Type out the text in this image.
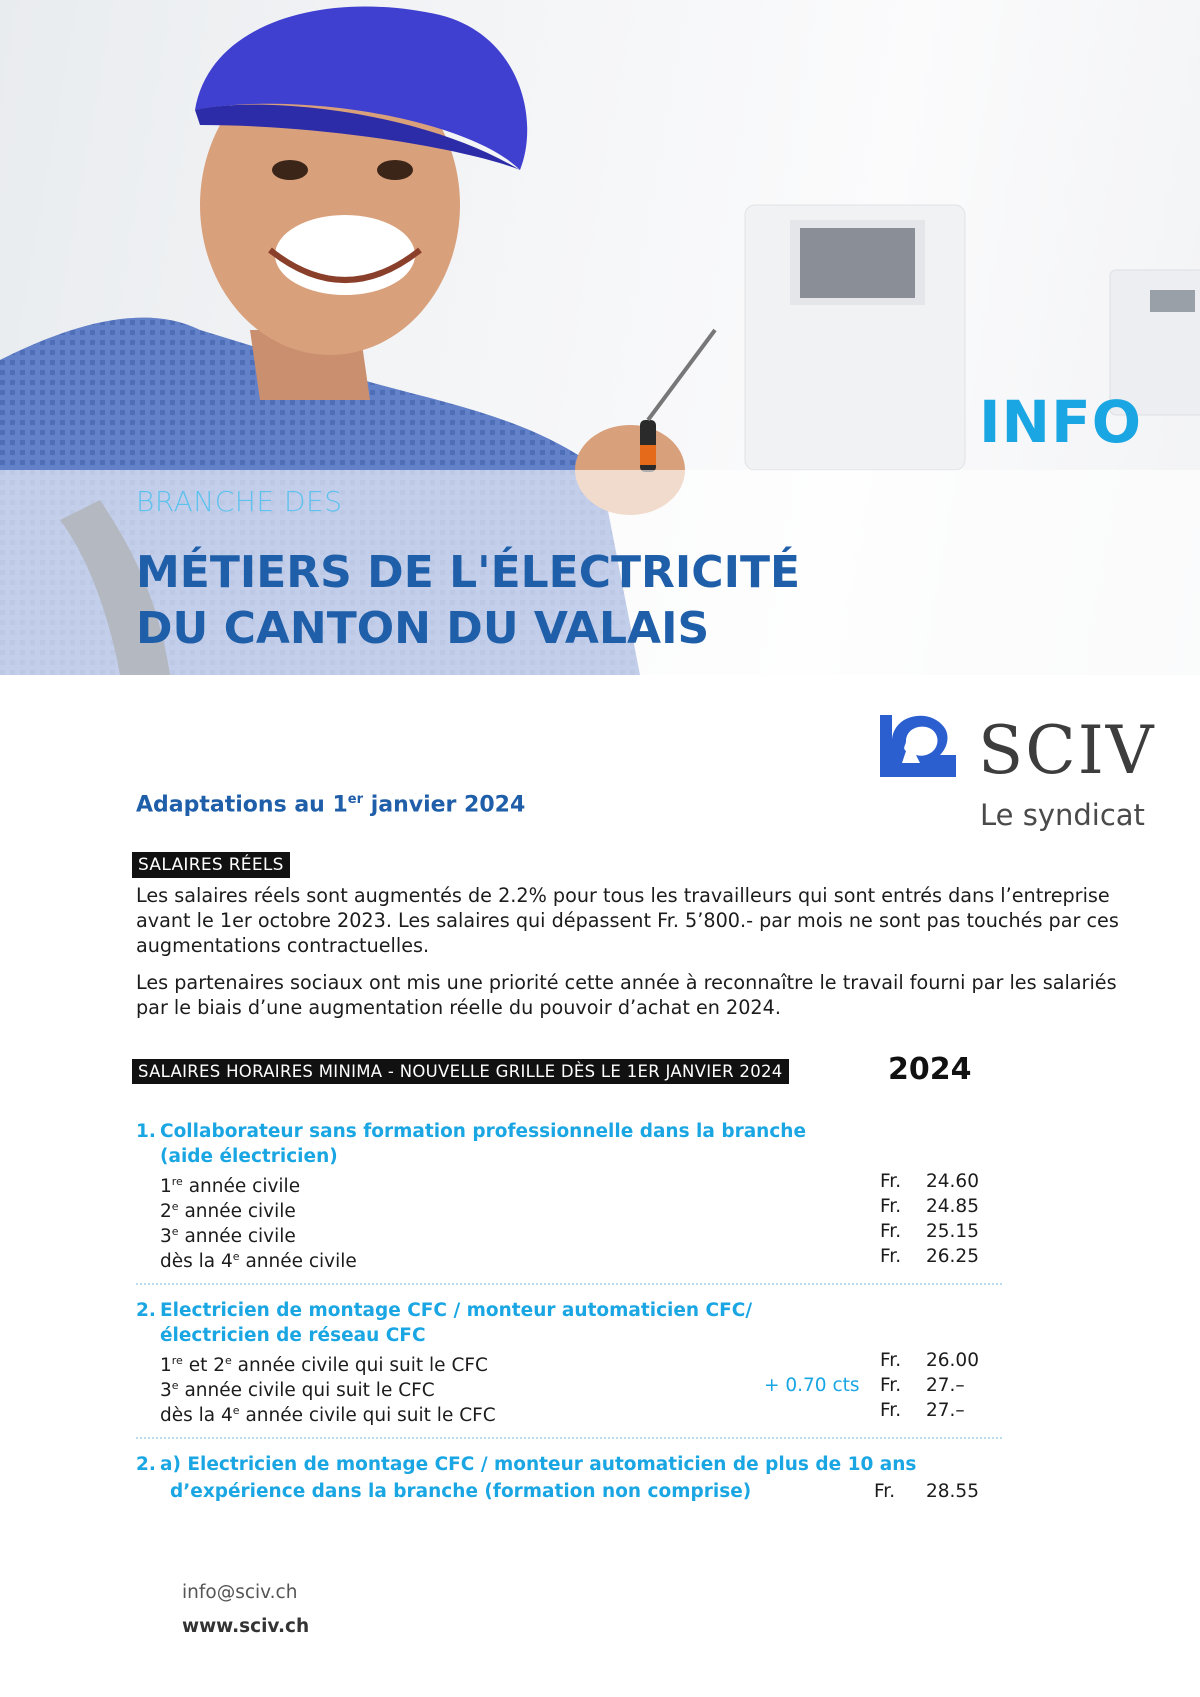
INFO
BRANCHE DES
MÉTIERS DE L'ÉLECTRICITÉ
DU CANTON DU VALAIS
SCIV
Le syndicat
Adaptations au 1er janvier 2024
SALAIRES RÉELS
Les salaires réels sont augmentés de 2.2% pour tous les travailleurs qui sont entrés dans l’entreprise avant le 1er octobre 2023. Les salaires qui dépassent Fr. 5’800.- par mois ne sont pas touchés par ces augmentations contractuelles.
Les partenaires sociaux ont mis une priorité cette année à reconnaître le travail fourni par les salariés par le biais d’une augmentation réelle du pouvoir d’achat en 2024.
SALAIRES HORAIRES MINIMA - NOUVELLE GRILLE DÈS LE 1ER JANVIER 2024	2024
1. Collaborateur sans formation professionnelle dans la branche
(aide électricien)
1re année civile	Fr. 24.60
2e année civile	Fr. 24.85
3e année civile	Fr. 25.15
dès la 4e année civile	Fr. 26.25
2. Electricien de montage CFC / monteur automaticien CFC/
électricien de réseau CFC
1re et 2e année civile qui suit le CFC	Fr. 26.00
3e année civile qui suit le CFC	+ 0.70 cts Fr. 27.–
dès la 4e année civile qui suit le CFC	Fr. 27.–
2. a) Electricien de montage CFC / monteur automaticien de plus de 10 ans
d’expérience dans la branche (formation non comprise)	Fr. 28.55
info@sciv.ch
www.sciv.ch
